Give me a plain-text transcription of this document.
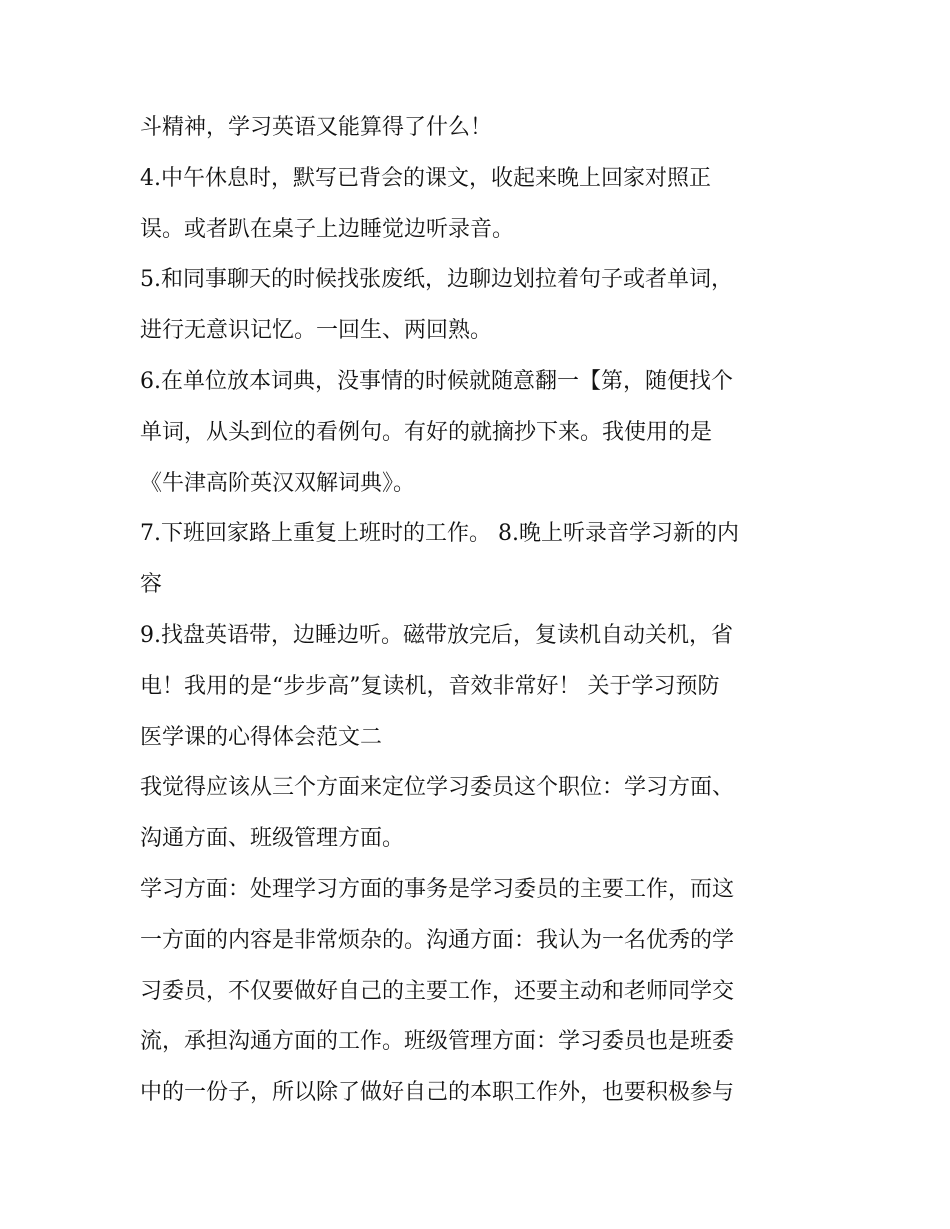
斗精神，学习英语又能算得了什么！
4.中午休息时，默写已背会的课文，收起来晚上回家对照正
误。或者趴在桌子上边睡觉边听录音。
5.和同事聊天的时候找张废纸，边聊边划拉着句子或者单词，
进行无意识记忆。一回生、两回熟。
6.在单位放本词典，没事情的时候就随意翻一【第，随便找个
单词，从头到位的看例句。有好的就摘抄下来。我使用的是
《牛津高阶英汉双解词典》。
7.下班回家路上重复上班时的工作。 8.晚上听录音学习新的内
容
9.找盘英语带，边睡边听。磁带放完后，复读机自动关机，省
电！我用的是“步步高”复读机，音效非常好！ 关于学习预防
医学课的心得体会范文二
我觉得应该从三个方面来定位学习委员这个职位：学习方面、
沟通方面、班级管理方面。
学习方面：处理学习方面的事务是学习委员的主要工作，而这
一方面的内容是非常烦杂的。沟通方面：我认为一名优秀的学
习委员，不仅要做好自己的主要工作，还要主动和老师同学交
流，承担沟通方面的工作。班级管理方面：学习委员也是班委
中的一份子，所以除了做好自己的本职工作外，也要积极参与
